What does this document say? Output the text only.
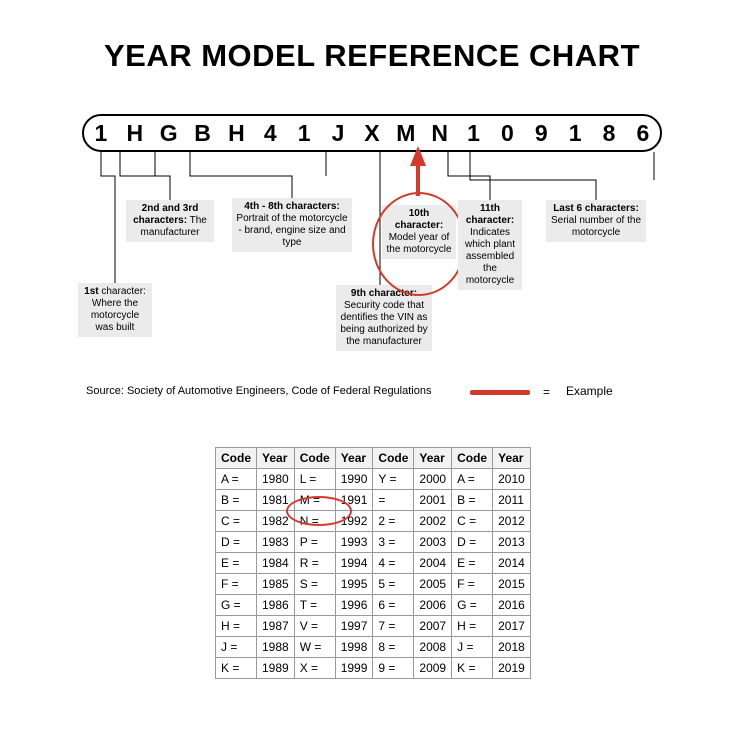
YEAR MODEL REFERENCE CHART
1 H G B H 4 1 J X M N 1 0 9 1 8 6
1st character: Where the motorcycle was built
2nd and 3rd characters: The manufacturer
4th - 8th characters: Portrait of the motorcycle - brand, engine size and type
9th character: Security code that dentifies the VIN as being authorized by the manufacturer
10th character: Model year of the motorcycle
11th character: Indicates which plant assembled the motorcycle
Last 6 characters: Serial number of the motorcycle
Source: Society of Automotive Engineers, Code of Federal Regulations	= Example
Code	Year	Code	Year	Code	Year	Code	Year
A =	1980	L =	1990	Y =	2000	A =	2010
B =	1981	M =	1991	=	2001	B =	2011
C =	1982	N =	1992	2 =	2002	C =	2012
D =	1983	P =	1993	3 =	2003	D =	2013
E =	1984	R =	1994	4 =	2004	E =	2014
F =	1985	S =	1995	5 =	2005	F =	2015
G =	1986	T =	1996	6 =	2006	G =	2016
H =	1987	V =	1997	7 =	2007	H =	2017
J =	1988	W =	1998	8 =	2008	J =	2018
K =	1989	X =	1999	9 =	2009	K =	2019
